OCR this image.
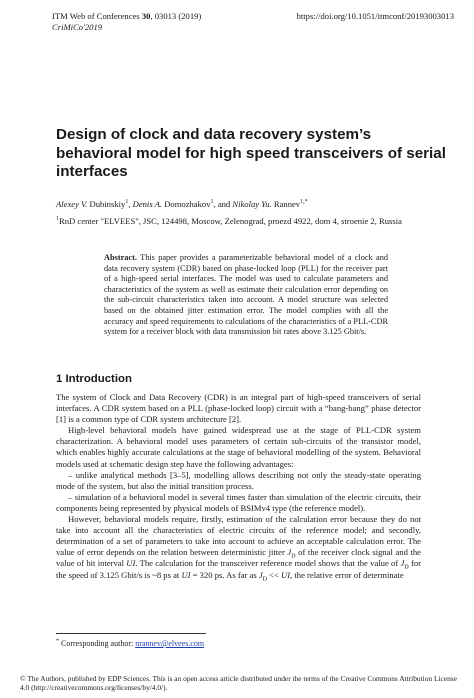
ITM Web of Conferences 30, 03013 (2019)
CriMiCo'2019
https://doi.org/10.1051/itmconf/20193003013
Design of clock and data recovery system’s behavioral model for high speed transceivers of serial interfaces
Alexey V. Dubinskiy$^1$, Denis A. Domozhakov$^1$, and Nikolay Yu. Rannev$^{1,*}$
$^1$RnD center "ELVEES", JSC, 124498, Moscow, Zelenograd, proezd 4922, dom 4, stroenie 2, Russia
Abstract. This paper provides a parameterizable behavioral model of a clock and data recovery system (CDR) based on phase-locked loop (PLL) for the receiver part of a high-speed serial interfaces. The model was used to calculate parameters and characteristics of the system as well as estimate their calculation error depending on the sub-circuit characteristics taken into account. A model structure was selected based on the obtained jitter estimation error. The model complies with all the accuracy and speed requirements to calculations of the characteristics of a PLL-CDR system for a receiver block with data transmission bit rates above 3.125 Gbit/s.
1 Introduction

The system of Clock and Data Recovery (CDR) is an integral part of high-speed transceivers of serial interfaces. A CDR system based on a PLL (phase-locked loop) circuit with a “bang-bang” phase detector [1] is a common type of CDR system architecture [2].

High-level behavioral models have gained widespread use at the stage of PLL-CDR system characterization. A behavioral model uses parameters of certain sub-circuits of the transistor model, which enables highly accurate calculations at the stage of behavioral modelling of the system. Behavioral models used at schematic design step have the following advantages:

– unlike analytical methods [3–5], modelling allows describing not only the steady-state operating mode of the system, but also the initial transition process.

– simulation of a behavioral model is several times faster than simulation of the electric circuits, their components being represented by physical models of BSIMv4 type (the reference model).

However, behavioral models require, firstly, estimation of the calculation error because they do not take into account all the characteristics of electric circuits of the reference model; and secondly, determination of a set of parameters to take into account to achieve an acceptable calculation error. The value of error depends on the relation between deterministic jitter $J_D$ of the receiver clock signal and the value of bit interval UI. The calculation for the transceiver reference model shows that the value of $J_D$ for the speed of 3.125 Gbit/s is ~8 ps at UI = 320 ps. As far as $J_D$ << UI, the relative error of determinate

* Corresponding author: nrannev@elvees.com
© The Authors, published by EDP Sciences. This is an open access article distributed under the terms of the Creative Commons Attribution License 4.0 (http://creativecommons.org/licenses/by/4.0/).
